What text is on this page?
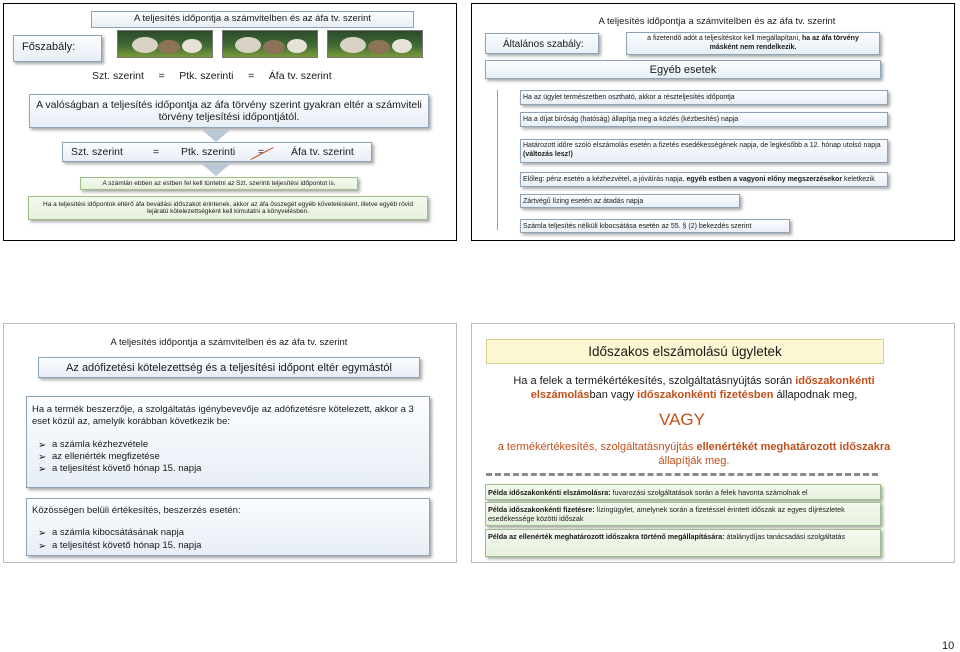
A teljesítés időpontja a számvitelben és az áfa tv. szerint
Főszabály:
Szt. szerint     =     Ptk. szerinti     =     Áfa tv. szerint
A valóságban a teljesítés időpontja az áfa törvény szerint gyakran eltér a számviteli törvény teljesítési időpontjától.
Szt. szerint	= Ptk. szerinti =	Áfa tv. szerint
A számlán ebben az estben fel kell tüntetni az Szt. szerinti teljesítési időpontot is.
Ha a teljesítési időpontok eltérő áfa bevallási időszakot érintenek, akkor az áfa összegét egyéb követelésként, illetve egyéb rövid lejáratú kötelezettségként kell kimutatni a könyvelésben.
A teljesítés időpontja a számvitelben és az áfa tv. szerint
Általános szabály:
a fizetendő adót a teljesítéskor kell megállapítani, ha az áfa törvény másként nem rendelkezik.
Egyéb esetek
Ha az ügylet természetben osztható, akkor a részteljesítés időpontja
Ha a díjat bíróság (hatóság) állapítja meg a közlés (kézbesítés) napja
Határozott időre szóló elszámolás esetén a fizetés esedékességének napja, de legkésőbb a 12. hónap utolsó napja (változás lesz!)
Előleg: pénz esetén a kézhezvétel, a jóváírás napja, egyéb estben a vagyoni előny megszerzésekor keletkezik
Zártvégű lízing esetén az átadás napja
Számla teljesítés nélküli kibocsátása esetén az 55. § (2) bekezdés szerint
A teljesítés időpontja a számvitelben és az áfa tv. szerint
Az adófizetési kötelezettség és a teljesítési időpont eltér egymástól
Ha a termék beszerzője, a szolgáltatás igénybevevője az adófizetésre kötelezett, akkor a 3 eset közül az, amelyik korábban következik be:
➢ a számla kézhezvétele
➢ az ellenérték megfizetése
➢ a teljesítést követő hónap 15. napja
Közösségen belüli értékesítés, beszerzés esetén:
➢ a számla kibocsátásának napja
➢ a teljesítést követő hónap 15. napja
Időszakos elszámolású ügyletek
Ha a felek a termékértékesítés, szolgáltatásnyújtás során időszakonkénti elszámolásban vagy időszakonkénti fizetésben állapodnak meg,
VAGY
a termékértékesítés, szolgáltatásnyújtás ellenértékét meghatározott időszakra állapítják meg.
Példa időszakonkénti elszámolásra: fuvarozási szolgáltatások során a felek havonta számolnak el
Példa időszakonkénti fizetésre: lízingügylet, amelynek során a fizetéssel érintett időszak az egyes díjrészletek esedékessége közötti időszak
Példa az ellenérték meghatározott időszakra történő megállapítására: átalánydíjas tanácsadási szolgáltatás
10
